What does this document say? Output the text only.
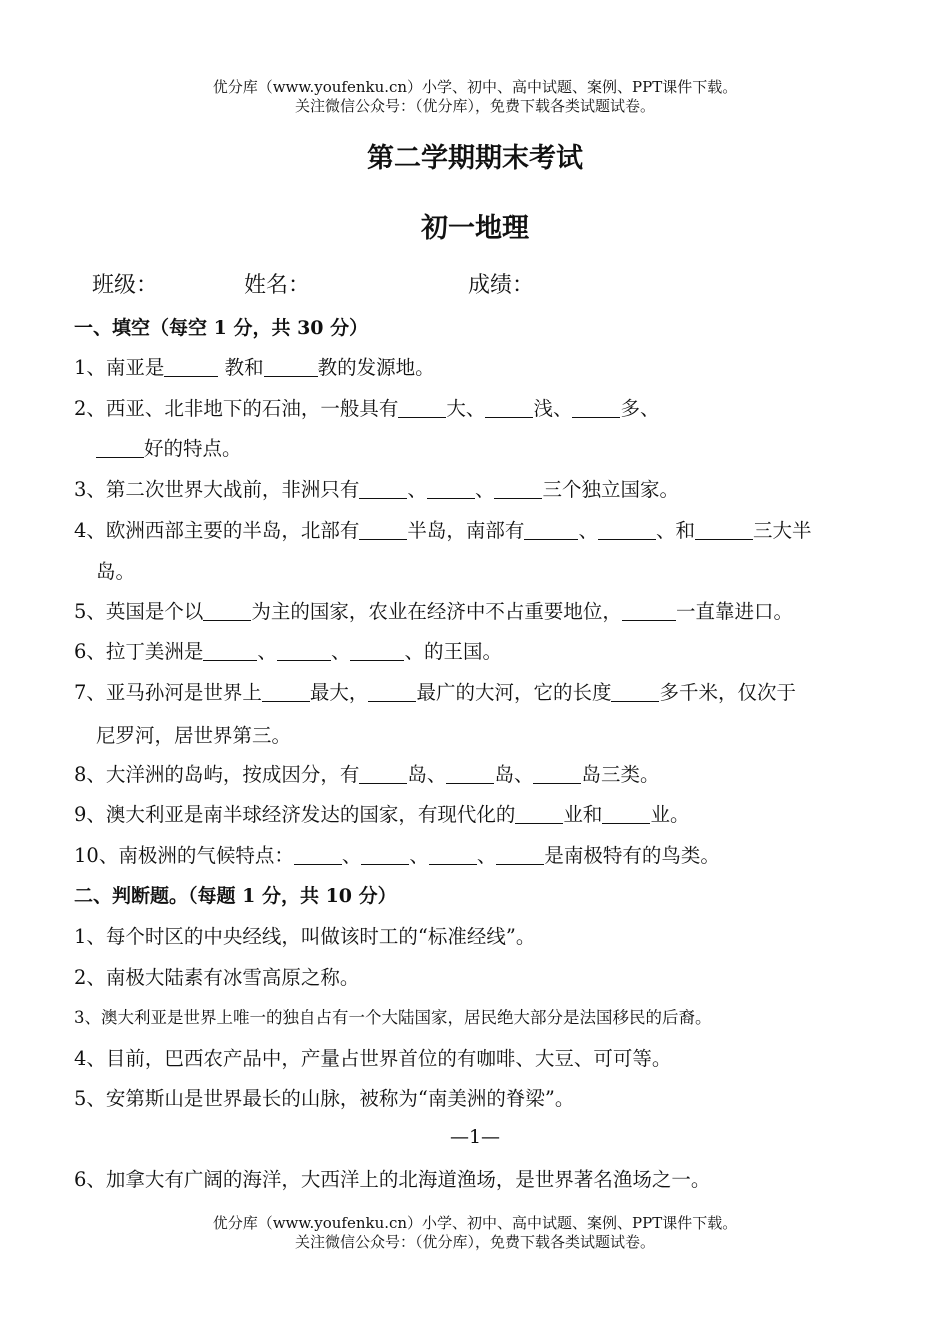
优分库（www.youfenku.cn）小学、初中、高中试题、案例、PPT课件下载。
关注微信公众号：（优分库），免费下载各类试题试卷。
第二学期期末考试
初一地理
班级：	姓名：	成绩：
一、填空（每空 1 分，共 30 分）
1、南亚是	教和	教的发源地。
2、西亚、北非地下的石油，一般具有 大、 浅、 多、
好的特点。
3、第二次世界大战前，非洲只有 、 、 三个独立国家。
4、欧洲西部主要的半岛，北部有 半岛，南部有	、	、和	三大半
岛。
5、英国是个以 为主的国家，农业在经济中不占重要地位，	一直靠进口。
6、拉丁美洲是	、	、	、的王国。
7、亚马孙河是世界上 最大， 最广的大河，它的长度 多千米，仅次于
尼罗河，居世界第三。
8、大洋洲的岛屿，按成因分，有 岛、 岛、 岛三类。
9、澳大利亚是南半球经济发达的国家，有现代化的 业和 业。
10、南极洲的气候特点： 、 、 、 是南极特有的鸟类。
二、判断题。（每题 1 分，共 10 分）
1、每个时区的中央经线，叫做该时工的“标准经线”。
2、南极大陆素有冰雪高原之称。
3、澳大利亚是世界上唯一的独自占有一个大陆国家，居民绝大部分是法国移民的后裔。
4、目前，巴西农产品中，产量占世界首位的有咖啡、大豆、可可等。
5、安第斯山是世界最长的山脉，被称为“南美洲的脊梁”。
—1—
6、加拿大有广阔的海洋，大西洋上的北海道渔场，是世界著名渔场之一。
优分库（www.youfenku.cn）小学、初中、高中试题、案例、PPT课件下载。
关注微信公众号：（优分库），免费下载各类试题试卷。
